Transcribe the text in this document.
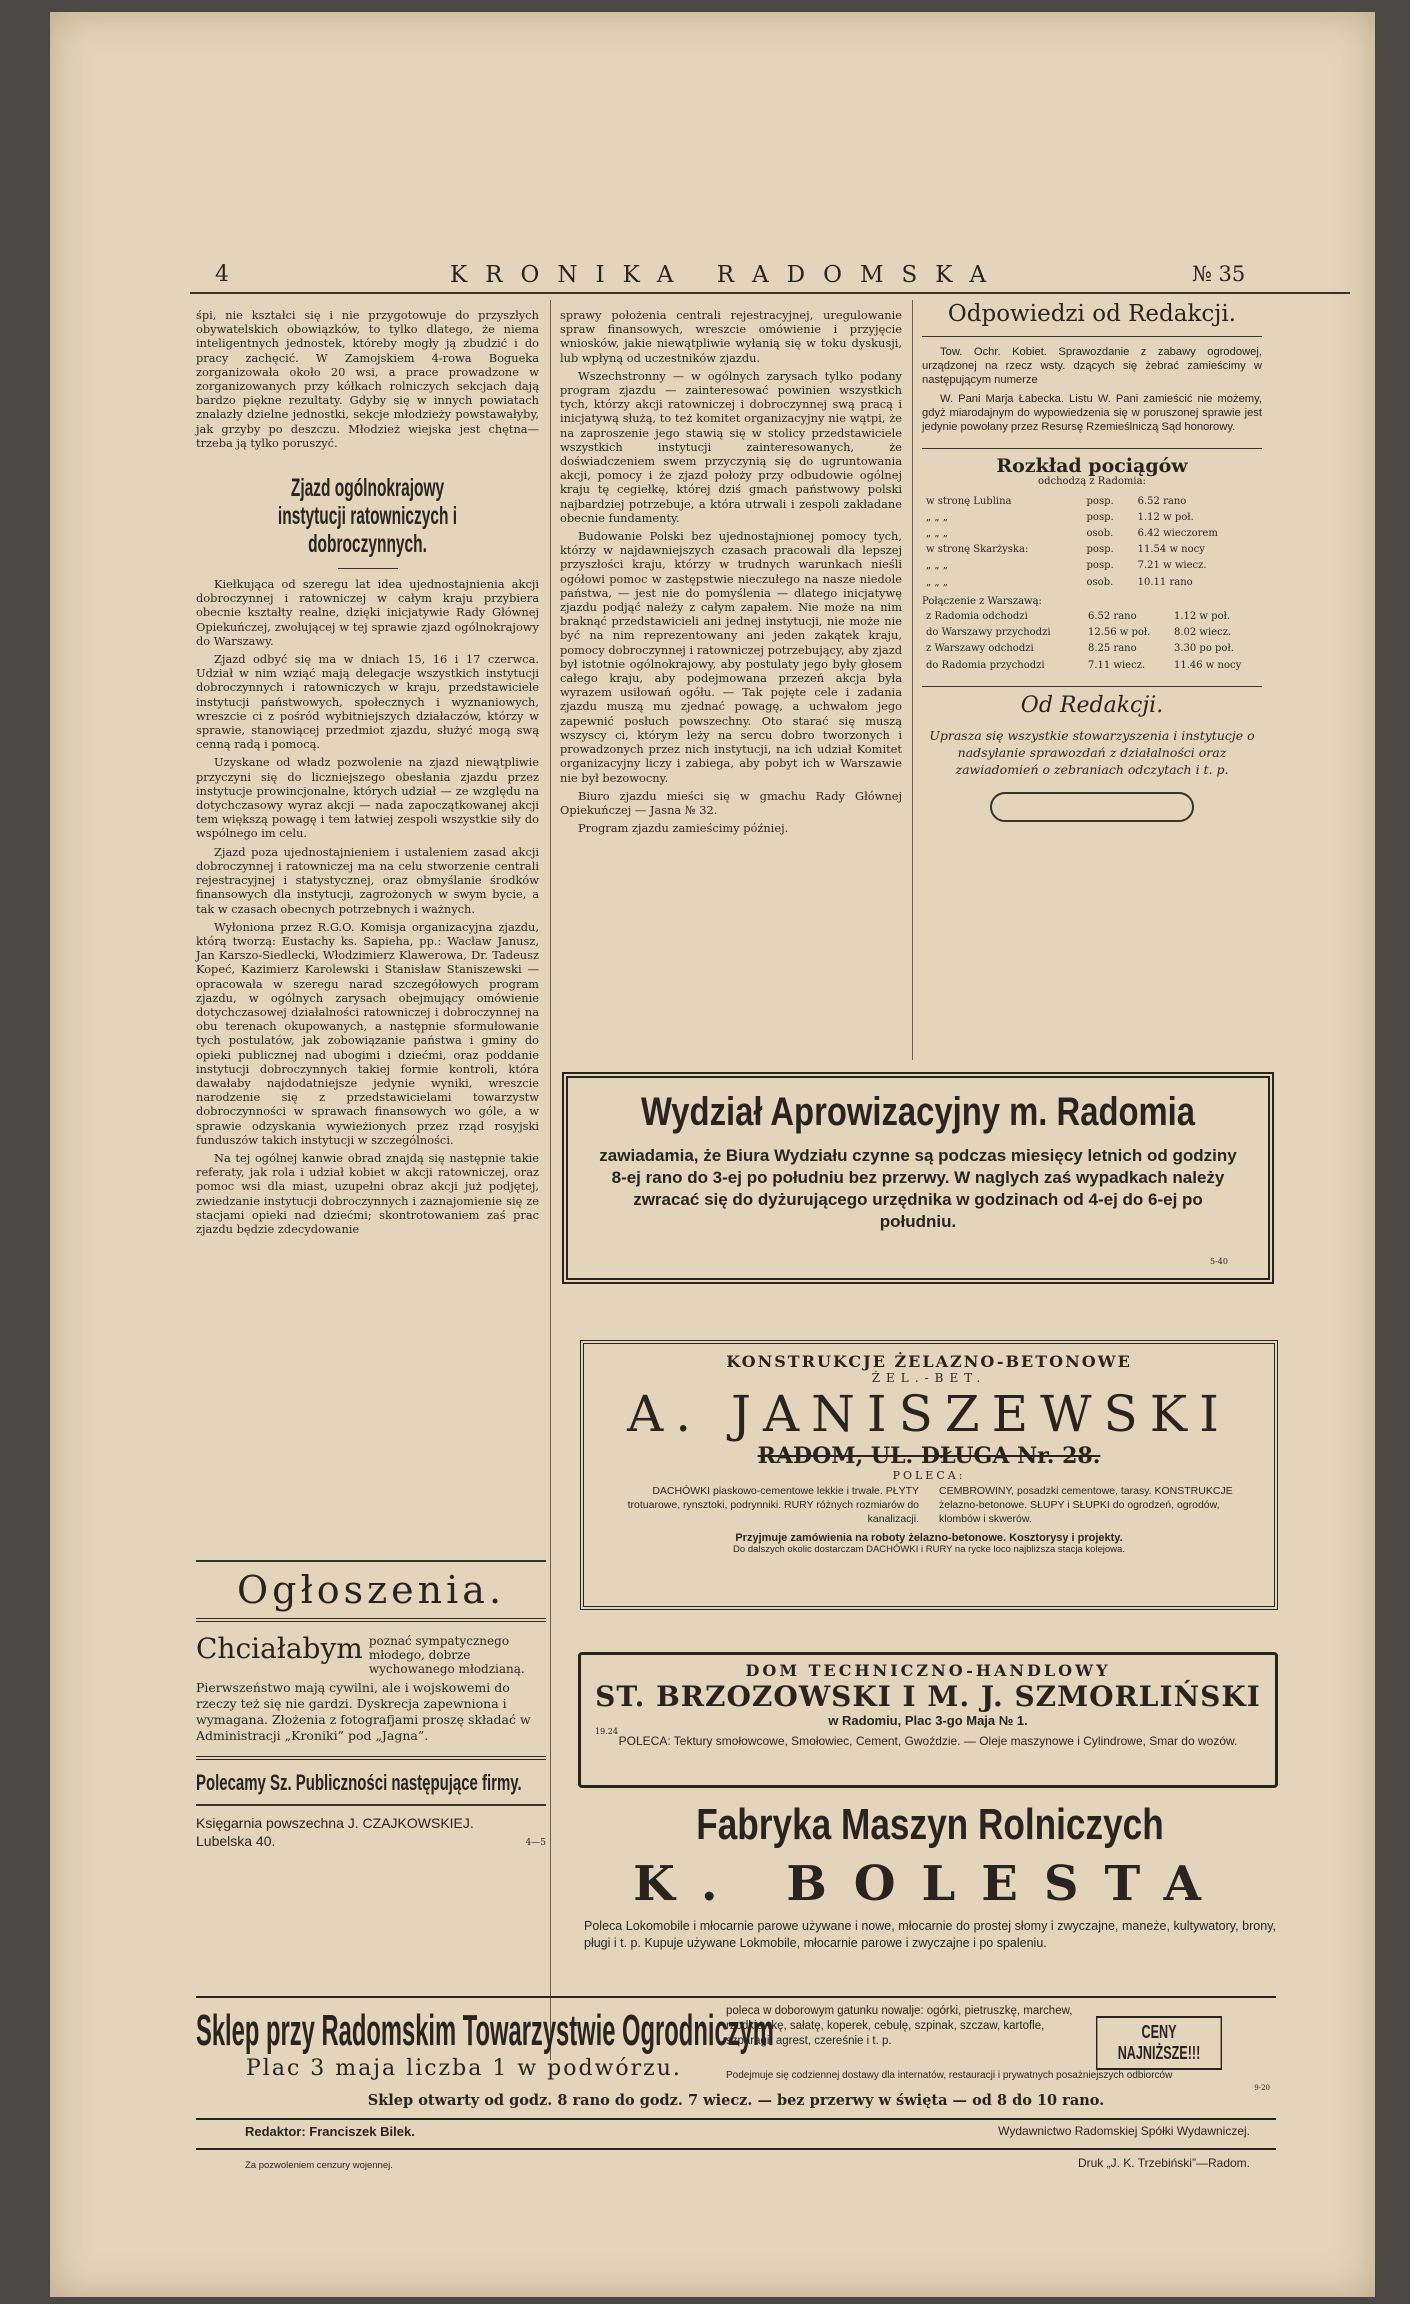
4	KRONIKA RADOMSKA	№ 35

śpi, nie kształci się i nie przygotowuje do przyszłych obywatelskich obowiązków, to tylko dlatego, że niema inteligentnych jednostek, któreby mogły ją zbudzić i do pracy zachęcić. W Zamojskiem 4-rowa Bogueka zorganizowała około 20 wsi, a prace prowadzone w zorganizowanych przy kółkach rolniczych sekcjach dają bardzo piękne rezultaty. Gdyby się w innych powiatach znalazły dzielne jednostki, sekcje młodzieży powstawałyby, jak grzyby po deszczu. Młodzież wiejska jest chętna—trzeba ją tylko poruszyć.

Zjazd ogólnokrajowy instytucji ratowniczych i dobroczynnych.

Kiełkująca od szeregu lat idea ujednostajnienia akcji dobroczynnej i ratowniczej w całym kraju przybiera obecnie kształty realne, dzięki inicjatywie Rady Głównej Opiekuńczej, zwołującej w tej sprawie zjazd ogólnokrajowy do Warszawy.

Zjazd odbyć się ma w dniach 15, 16 i 17 czerwca. Udział w nim wziąć mają delegacje wszystkich instytucji dobroczynnych i ratowniczych w kraju, przedstawiciele instytucji państwowych, społecznych i wyznaniowych, wreszcie ci z pośród wybitniejszych działaczów, którzy w sprawie, stanowiącej przedmiot zjazdu, służyć mogą swą cenną radą i pomocą.

Uzyskane od władz pozwolenie na zjazd niewątpliwie przyczyni się do liczniejszego obesłania zjazdu przez instytucje prowincjonalne, których udział — ze względu na dotychczasowy wyraz akcji — nada zapoczątkowanej akcji tem większą powagę i tem łatwiej zespoli wszystkie siły do wspólnego im celu.

Zjazd poza ujednostajnieniem i ustaleniem zasad akcji dobroczynnej i ratowniczej ma na celu stworzenie centrali rejestracyjnej i statystycznej, oraz obmyślanie środków finansowych dla instytucji, zagrożonych w swym bycie, a tak w czasach obecnych potrzebnych i ważnych.

Wyłoniona przez R.G.O. Komisja organizacyjna zjazdu, którą tworzą: Eustachy ks. Sapieha, pp.: Wacław Janusz, Jan Karszo-Siedlecki, Włodzimierz Klawerowa, Dr. Tadeusz Kopeć, Kazimierz Karolewski i Stanisław Staniszewski — opracowała w szeregu narad szczegółowych program zjazdu, w ogólnych zarysach obejmujący omówienie dotychczasowej działalności ratowniczej i dobroczynnej na obu terenach okupowanych, a następnie sformułowanie tych postulatów, jak zobowiązanie państwa i gminy do opieki publicznej nad ubogimi i dziećmi, oraz poddanie instytucji dobroczynnych takiej formie kontroli, która dawałaby najdodatniejsze jedynie wyniki, wreszcie narodzenie się z przedstawicielami towarzystw dobroczynności w sprawach finansowych wo góle, a w sprawie odzyskania wywieżionych przez rząd rosyjski funduszów takich instytucji w szczególności.

Na tej ogólnej kanwie obrad znajdą się następnie takie referaty, jak rola i udział kobiet w akcji ratowniczej, oraz pomoc wsi dla miast, uzupełni obraz akcji już podjętej, zwiedzanie instytucji dobroczynnych i zaznajomienie się ze stacjami opieki nad dziećmi; skontrotowaniem zaś prac zjazdu będzie zdecydowanie

Ogłoszenia.
Chciałabym poznać sympatycznego młodego, dobrze wychowanego młodzianą.
Pierwszeństwo mają cywilni, ale i wojskowemi do rzeczy też się nie gardzi. Dyskrecja zapewniona i wymagana. Złożenia z fotografjami proszę składać w Administracji „Kroniki” pod „Jagna”.
Polecamy Sz. Publiczności następujące firmy.
Księgarnia powszechna J. CZAJKOWSKIEJ. Lubelska 40.	4—5

sprawy położenia centrali rejestracyjnej, uregulowanie spraw finansowych, wreszcie omówienie i przyjęcie wniosków, jakie niewątpliwie wyłanią się w toku dyskusji, lub wpłyną od uczestników zjazdu.

Wszechstronny — w ogólnych zarysach tylko podany program zjazdu — zainteresować powinien wszystkich tych, którzy akcji ratowniczej i dobroczynnej swą pracą i inicjatywą służą, to też komitet organizacyjny nie wątpi, że na zaproszenie jego stawią się w stolicy przedstawiciele wszystkich instytucji zainteresowanych, że doświadczeniem swem przyczynią się do ugruntowania akcji, pomocy i że zjazd położy przy odbudowie ogólnej kraju tę cegiełkę, której dziś gmach państwowy polski najbardziej potrzebuje, a która utrwali i zespoli zakładane obecnie fundamenty.

Budowanie Polski bez ujednostajnionej pomocy tych, którzy w najdawniejszych czasach pracowali dla lepszej przyszłości kraju, którzy w trudnych warunkach nieśli ogółowi pomoc w zastępstwie nieczułego na nasze niedole państwa, — jest nie do pomyślenia — dlatego inicjatywę zjazdu podjąć należy z całym zapałem. Nie może na nim braknąć przedstawicieli ani jednej instytucji, nie może nie być na nim reprezentowany ani jeden zakątek kraju, pomocy dobroczynnej i ratowniczej potrzebujący, aby zjazd był istotnie ogólnokrajowy, aby postulaty jego były głosem całego kraju, aby podejmowana przezeń akcja była wyrazem usiłowań ogółu. — Tak pojęte cele i zadania zjazdu muszą mu zjednać powagę, a uchwałom jego zapewnić posłuch powszechny. Oto starać się muszą wszyscy ci, którym leży na sercu dobro tworzonych i prowadzonych przez nich instytucji, na ich udział Komitet organizacyjny liczy i zabiega, aby pobyt ich w Warszawie nie był bezowocny.

Biuro zjazdu mieści się w gmachu Rady Głównej Opiekuńczej — Jasna № 32.

Program zjazdu zamieścimy później.

Odpowiedzi od Redakcji.

Tow. Ochr. Kobiet. Sprawozdanie z zabawy ogrodowej, urządzonej na rzecz wsty. dzących się żebrać zamieścimy w następującym numerze

W. Pani Marja Łabecka. Listu W. Pani zamieścić nie możemy, gdyż miarodajnym do wypowiedzenia się w poruszonej sprawie jest jedynie powołany przez Resursę Rzemieślniczą Sąd honorowy.

Rozkład pociągów
odchodzą z Radomia:
w stronę Lublina	posp.	6.52 rano
„ „ „	posp.	1.12 w poł.
„ „ „	osob.	6.42 wieczorem
w stronę Skarżyska:	posp.	11.54 w nocy
„ „ „	posp.	7.21 w wiecz.
„ „ „	osob.	10.11 rano
Połączenie z Warszawą:
z Radomia odchodzi	6.52 rano	1.12 w poł.
do Warszawy przychodzi	12.56 w poł.	8.02 wiecz.
z Warszawy odchodzi	8.25 rano	3.30 po poł.
do Radomia przychodzi	7.11 wiecz.	11.46 w nocy
Od Redakcji.
Uprasza się wszystkie stowarzyszenia i instytucje o nadsyłanie sprawozdań z działalności oraz zawiadomień o zebraniach odczytach i t. p.
Wydział Aprowizacyjny m. Radomia
zawiadamia, że Biura Wydziału czynne są podczas miesięcy letnich od godziny 8-ej rano do 3-ej po południu bez przerwy. W naglych zaś wypadkach należy zwracać się do dyżurującego urzędnika w godzinach od 4-ej do 6-ej po południu.
5-40
KONSTRUKCJE ŻELAZNO-BETONOWE
ŻEL.-BET.
A. JANISZEWSKI
RADOM, UL. DŁUGA Nr. 28.
POLECA:
DACHÓWKI piaskowo-cementowe lekkie i trwałe. PŁYTY trotuarowe, rynsztoki, podrynniki. RURY różnych rozmiarów do kanalizacji.
CEMBROWINY, posadzki cementowe, tarasy. KONSTRUKCJE żelazno-betonowe. SŁUPY i SŁUPKI do ogrodzeń, ogrodów, klombów i skwerów.
Przyjmuje zamówienia na roboty żelazno-betonowe. Kosztorysy i projekty.
Do dalszych okolic dostarczam DACHÓWKI i RURY na rycke loco najbliższa stacja kolejowa.
DOM TECHNICZNO-HANDLOWY
ST. BRZOZOWSKI I M. J. SZMORLIŃSKI
19.24
w Radomiu, Plac 3-go Maja № 1.
POLECA: Tektury smołowcowe, Smołowiec, Cement, Gwoździe. — Oleje maszynowe i Cylindrowe, Smar do wozów.
Fabryka Maszyn Rolniczych
K. BOLESTA
Poleca Lokomobile i młocarnie parowe używane i nowe, młocarnie do prostej słomy i zwyczajne, maneże, kultywatory, brony, pługi i t. p. Kupuje używane Lokmobile, młocarnie parowe i zwyczajne i po spaleniu.
Sklep przy Radomskim Towarzystwie Ogrodniczym
Plac 3 maja liczba 1 w podwórzu.
poleca w doborowym gatunku nowalje: ogórki, pietruszkę, marchew, rzodkiewkę, sałatę, koperek, cebulę, szpinak, szczaw, kartofle, szparagi, agrest, czereśnie i t. p.	CENY NAJNIŻSZE!!!
Podejmuje się codziennej dostawy dla internatów, restauracji i prywatnych posażniejszych odbiorców
Sklep otwarty od godz. 8 rano do godz. 7 wiecz. — bez przerwy w święta — od 8 do 10 rano.
9-20
Redaktor: Franciszek Bilek.	Wydawnictwo Radomskiej Spółki Wydawniczej.
Za pozwoleniem cenzury wojennej.	Druk „J. K. Trzebiński”—Radom.
